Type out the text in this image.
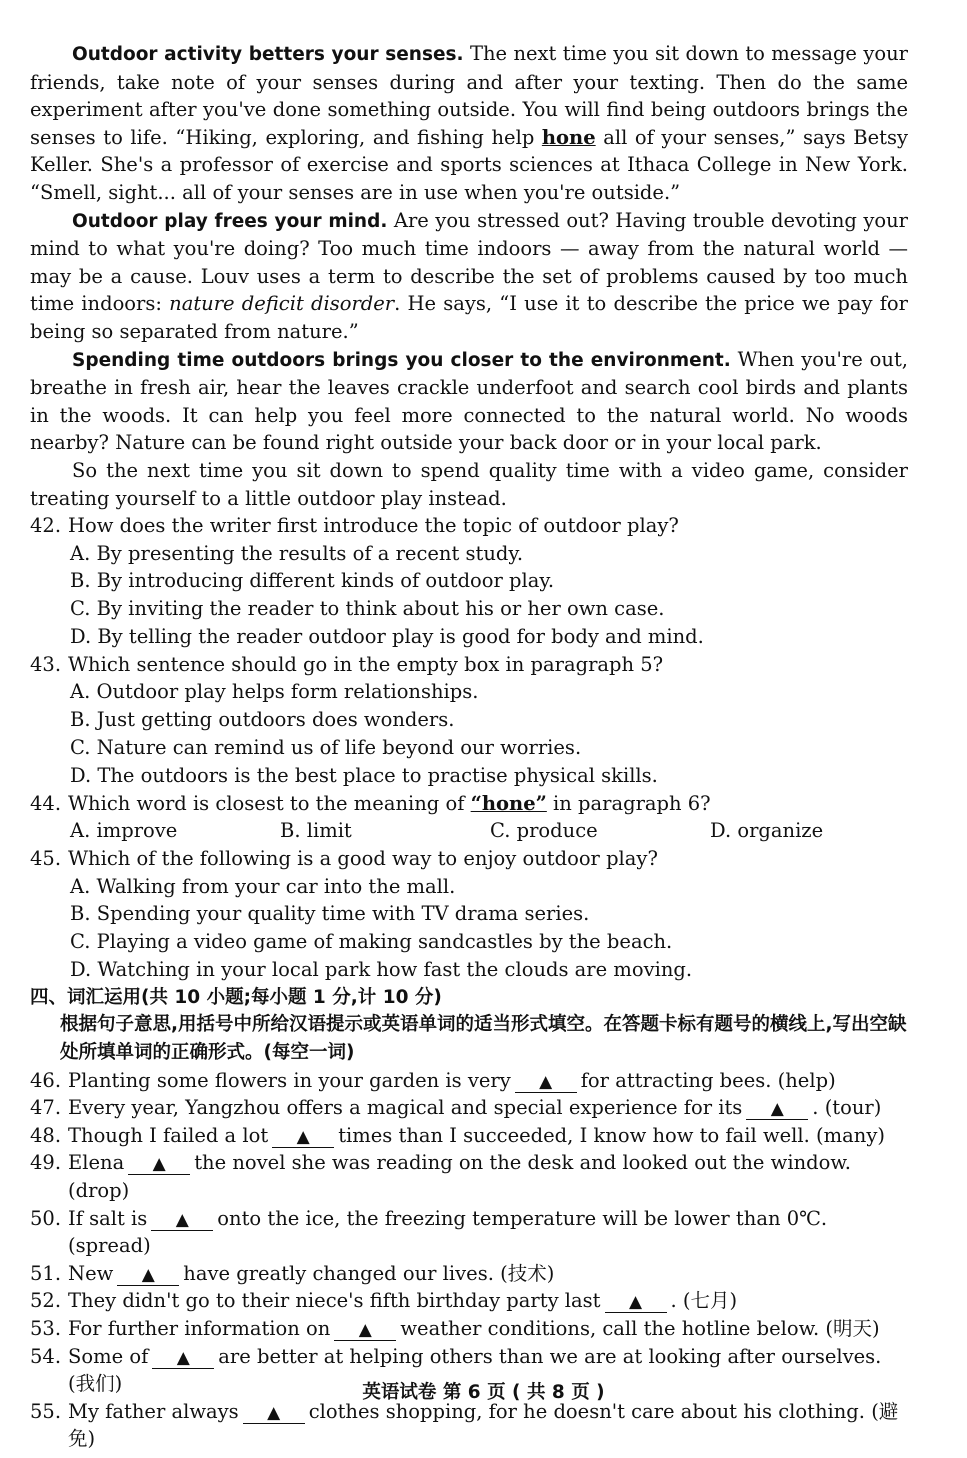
Outdoor activity betters your senses. The next time you sit down to message your friends, take note of your senses during and after your texting. Then do the same experiment after you've done something outside. You will find being outdoors brings the senses to life. “Hiking, exploring, and fishing help hone all of your senses,” says Betsy Keller. She's a professor of exercise and sports sciences at Ithaca College in New York. “Smell, sight... all of your senses are in use when you're outside.”

Outdoor play frees your mind. Are you stressed out? Having trouble devoting your mind to what you're doing? Too much time indoors — away from the natural world — may be a cause. Louv uses a term to describe the set of problems caused by too much time indoors: nature deficit disorder. He says, “I use it to describe the price we pay for being so separated from nature.”

Spending time outdoors brings you closer to the environment. When you're out, breathe in fresh air, hear the leaves crackle underfoot and search cool birds and plants in the woods. It can help you feel more connected to the natural world. No woods nearby? Nature can be found right outside your back door or in your local park.

So the next time you sit down to spend quality time with a video game, consider treating yourself to a little outdoor play instead.

42. How does the writer first introduce the topic of outdoor play?
A. By presenting the results of a recent study.
B. By introducing different kinds of outdoor play.
C. By inviting the reader to think about his or her own case.
D. By telling the reader outdoor play is good for body and mind.
43. Which sentence should go in the empty box in paragraph 5?
A. Outdoor play helps form relationships.
B. Just getting outdoors does wonders.
C. Nature can remind us of life beyond our worries.
D. The outdoors is the best place to practise physical skills.
44. Which word is closest to the meaning of “hone” in paragraph 6?
A. improve	B. limit	C. produce	D. organize
45. Which of the following is a good way to enjoy outdoor play?
A. Walking from your car into the mall.
B. Spending your quality time with TV drama series.
C. Playing a video game of making sandcastles by the beach.
D. Watching in your local park how fast the clouds are moving.
四、词汇运用(共 10 小题;每小题 1 分,计 10 分)
根据句子意思,用括号中所给汉语提示或英语单词的适当形式填空。在答题卡标有题号的横线上,写出空缺处所填单词的正确形式。(每空一词)
46. Planting some flowers in your garden is very ▲ for attracting bees. (help)
47. Every year, Yangzhou offers a magical and special experience for its ▲ . (tour)
48. Though I failed a lot ▲ times than I succeeded, I know how to fail well. (many)
49. Elena ▲ the novel she was reading on the desk and looked out the window. (drop)
50. If salt is ▲ onto the ice, the freezing temperature will be lower than 0℃. (spread)
51. New ▲ have greatly changed our lives. (技术)
52. They didn't go to their niece's fifth birthday party last ▲ . (七月)
53. For further information on ▲ weather conditions, call the hotline below. (明天)
54. Some of ▲ are better at helping others than we are at looking after ourselves. (我们)
55. My father always ▲ clothes shopping, for he doesn't care about his clothing. (避免)
英语试卷 第 6 页 ( 共 8 页 )
